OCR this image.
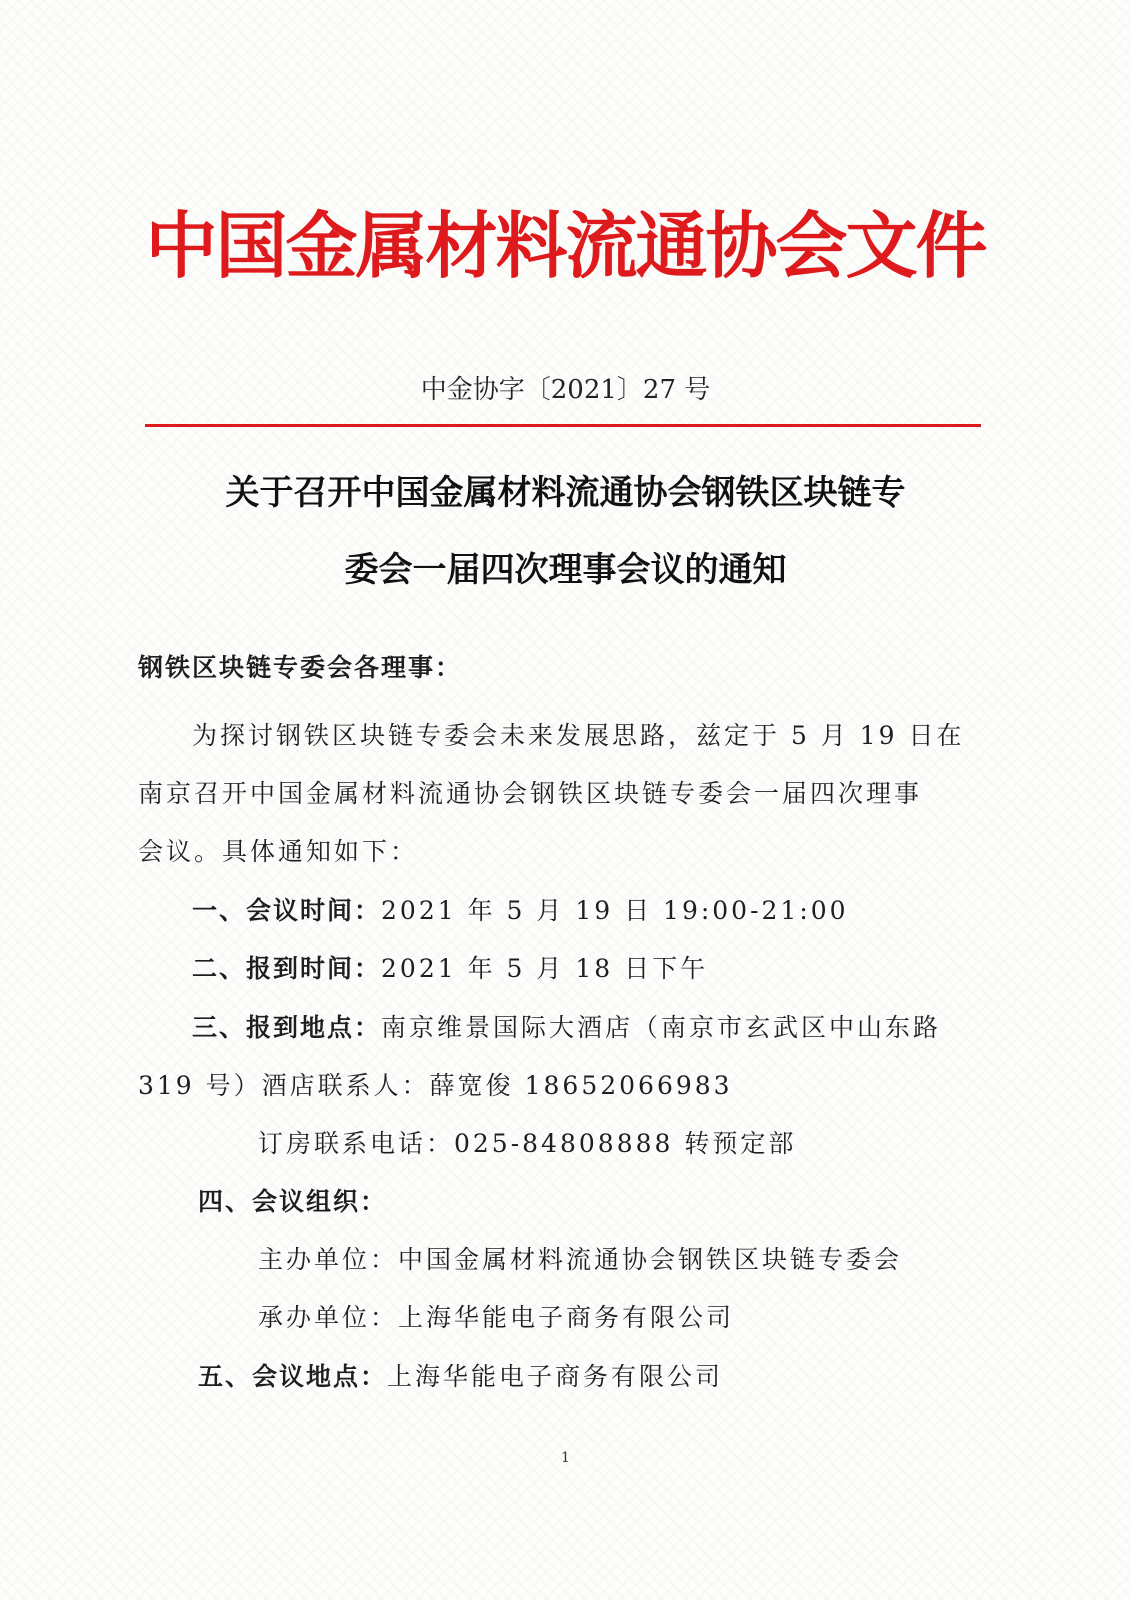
中国金属材料流通协会文件
中金协字〔2021〕27 号
关于召开中国金属材料流通协会钢铁区块链专
委会一届四次理事会议的通知
钢铁区块链专委会各理事：
为探讨钢铁区块链专委会未来发展思路，兹定于 5 月 19 日在
南京召开中国金属材料流通协会钢铁区块链专委会一届四次理事
会议。具体通知如下：
一、会议时间：2021 年 5 月 19 日 19:00-21:00
二、报到时间：2021 年 5 月 18 日下午
三、报到地点：南京维景国际大酒店（南京市玄武区中山东路
319 号）酒店联系人：薛宽俊 18652066983
订房联系电话：025-84808888 转预定部
四、会议组织：
主办单位：中国金属材料流通协会钢铁区块链专委会
承办单位：上海华能电子商务有限公司
五、会议地点：上海华能电子商务有限公司
1
